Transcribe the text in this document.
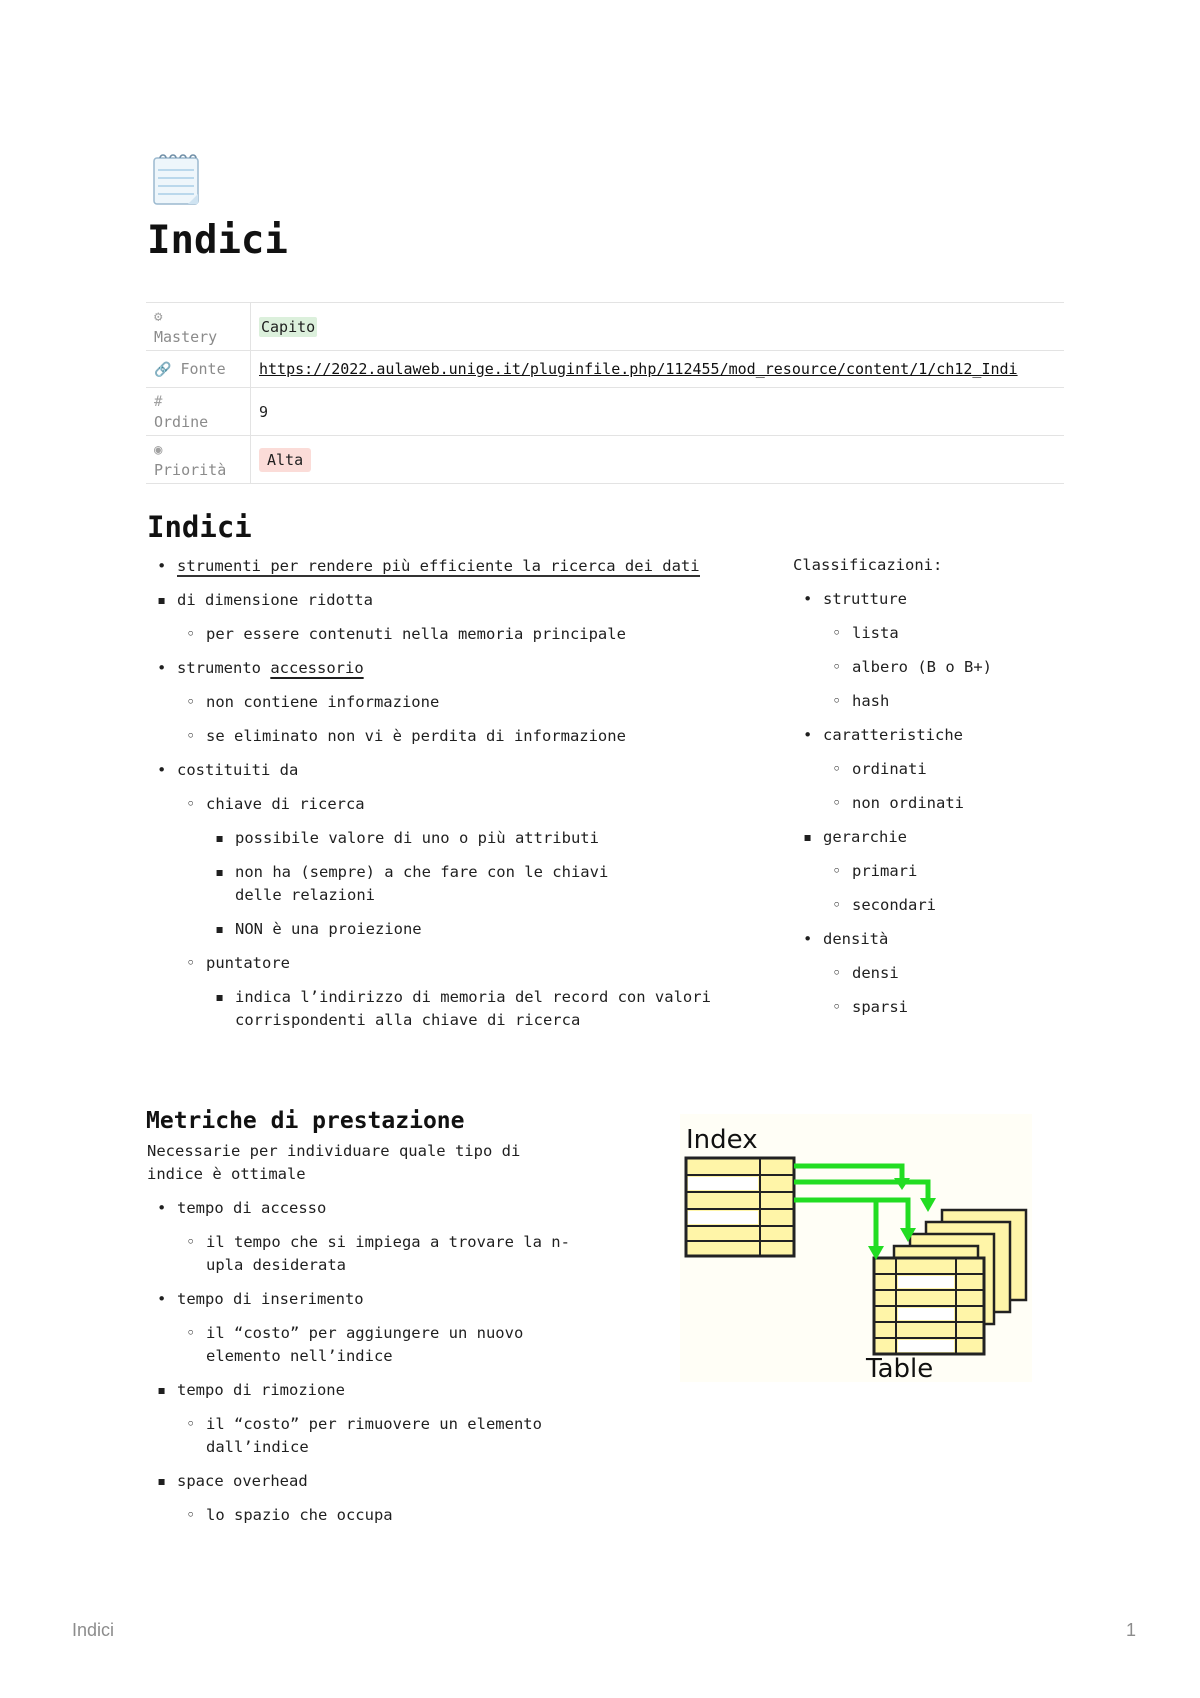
Indici
⚙
Mastery	Capito
🔗 Fonte	https://2022.aulaweb.unige.it/pluginfile.php/112455/mod_resource/content/1/ch12_Indi
#
Ordine	9
◉
Priorità	Alta
Indici
• strumenti per rendere più efficiente la ricerca dei dati
▪ di dimensione ridotta
◦ per essere contenuti nella memoria principale
• strumento accessorio
◦ non contiene informazione
◦ se eliminato non vi è perdita di informazione
• costituiti da
◦ chiave di ricerca
▪ possibile valore di uno o più attributi
▪ non ha (sempre) a che fare con le chiavi delle relazioni
▪ NON è una proiezione
◦ puntatore
▪ indica l’indirizzo di memoria del record con valori corrispondenti alla chiave di ricerca
Classificazioni:
• strutture
◦ lista
◦ albero (B o B+)
◦ hash
• caratteristiche
◦ ordinati
◦ non ordinati
▪ gerarchie
◦ primari
◦ secondari
• densità
◦ densi
◦ sparsi
Metriche di prestazione

Necessarie per individuare quale tipo di indice è ottimale

• tempo di accesso
◦ il tempo che si impiega a trovare la n-upla desiderata
• tempo di inserimento
◦ il “costo” per aggiungere un nuovo elemento nell’indice
▪ tempo di rimozione
◦ il “costo” per rimuovere un elemento dall’indice
▪ space overhead
◦ lo spazio che occupa
Index
Table
Indici	1
